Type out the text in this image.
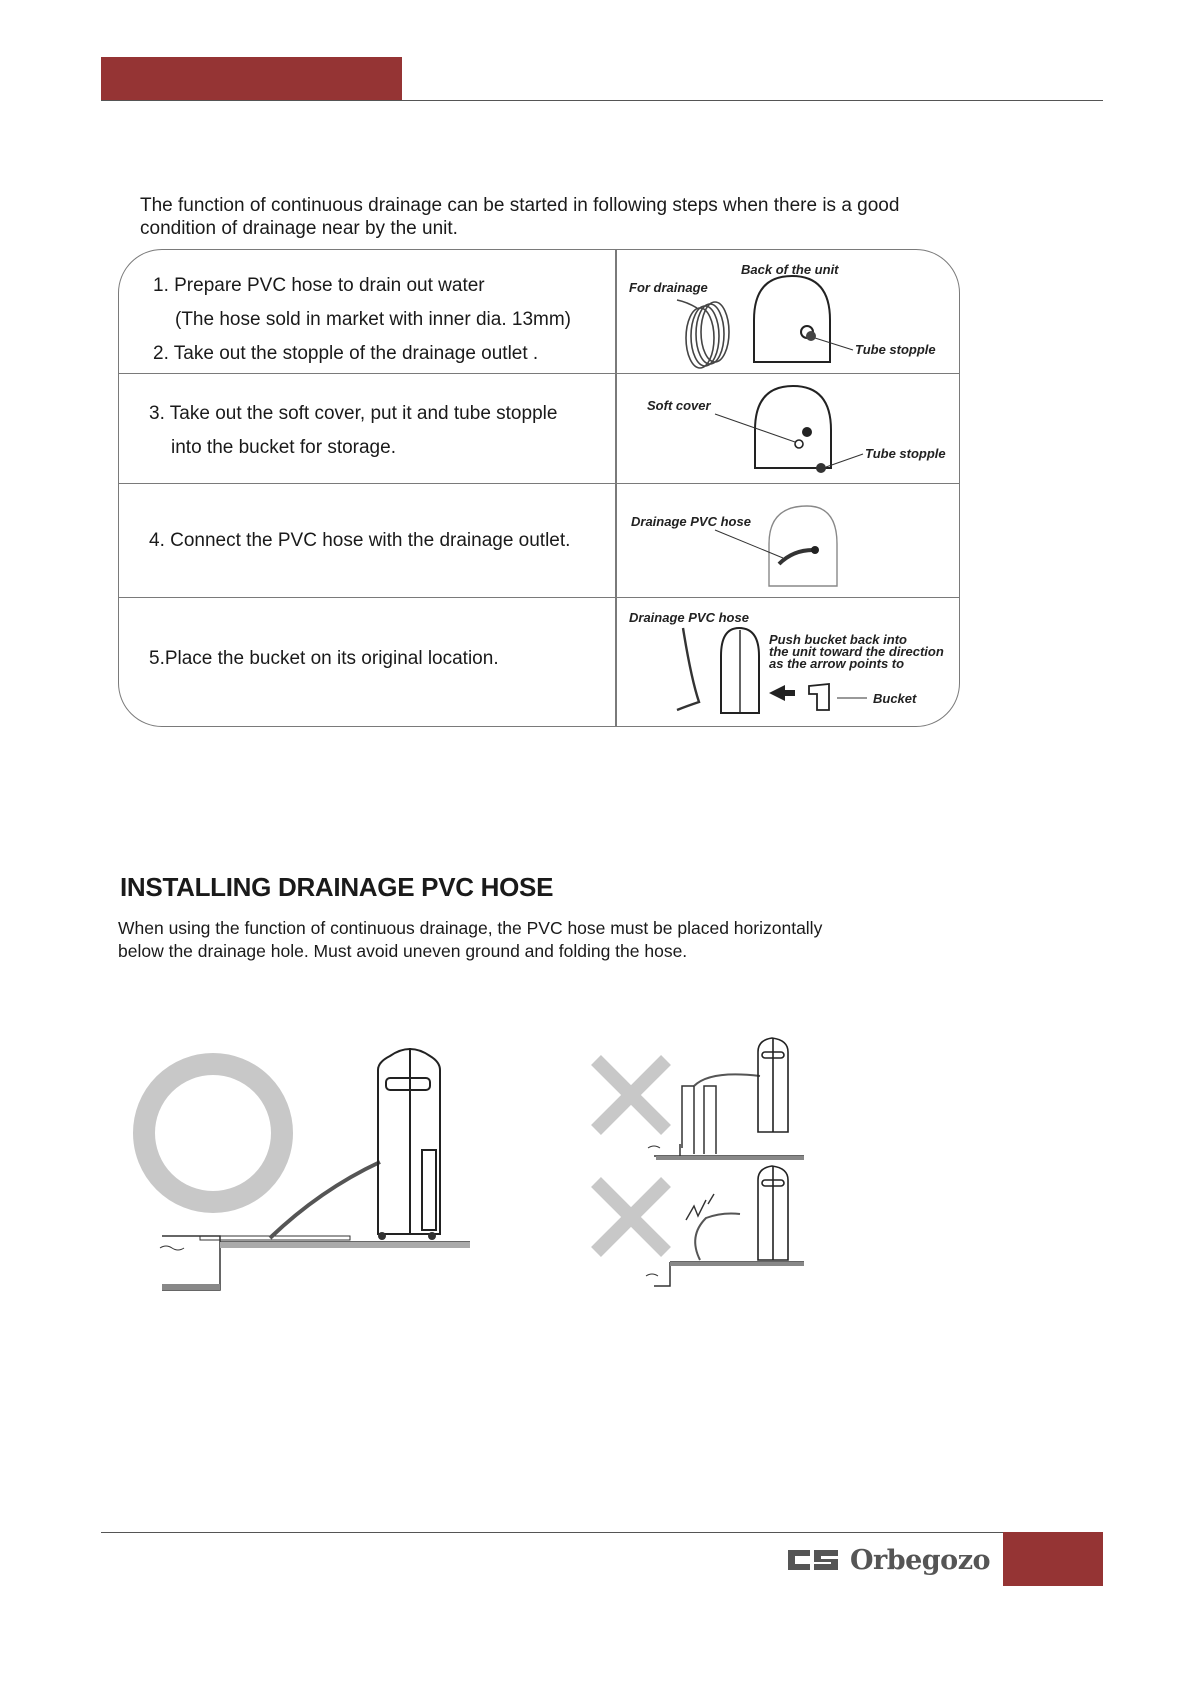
The function of continuous drainage can be started in following steps when there is a good
condition of drainage near by the unit.
1. Prepare PVC hose to drain out water
(The hose sold in market with inner dia. 13mm)
2. Take out the stopple of the drainage outlet .
For drainage
Back of the unit
Tube stopple
3. Take out the soft cover, put it and tube stopple
into the bucket for storage.
Soft cover
Tube stopple
4. Connect the PVC hose with the drainage outlet.
Drainage PVC hose
5.Place the bucket on its original location.
Drainage PVC hose
Push bucket back into
the unit toward the direction
as the arrow points to
Bucket
INSTALLING DRAINAGE PVC HOSE
When using the function of continuous drainage, the PVC hose must be placed horizontally
below the drainage hole. Must avoid uneven ground and folding the hose.
Orbegozo
